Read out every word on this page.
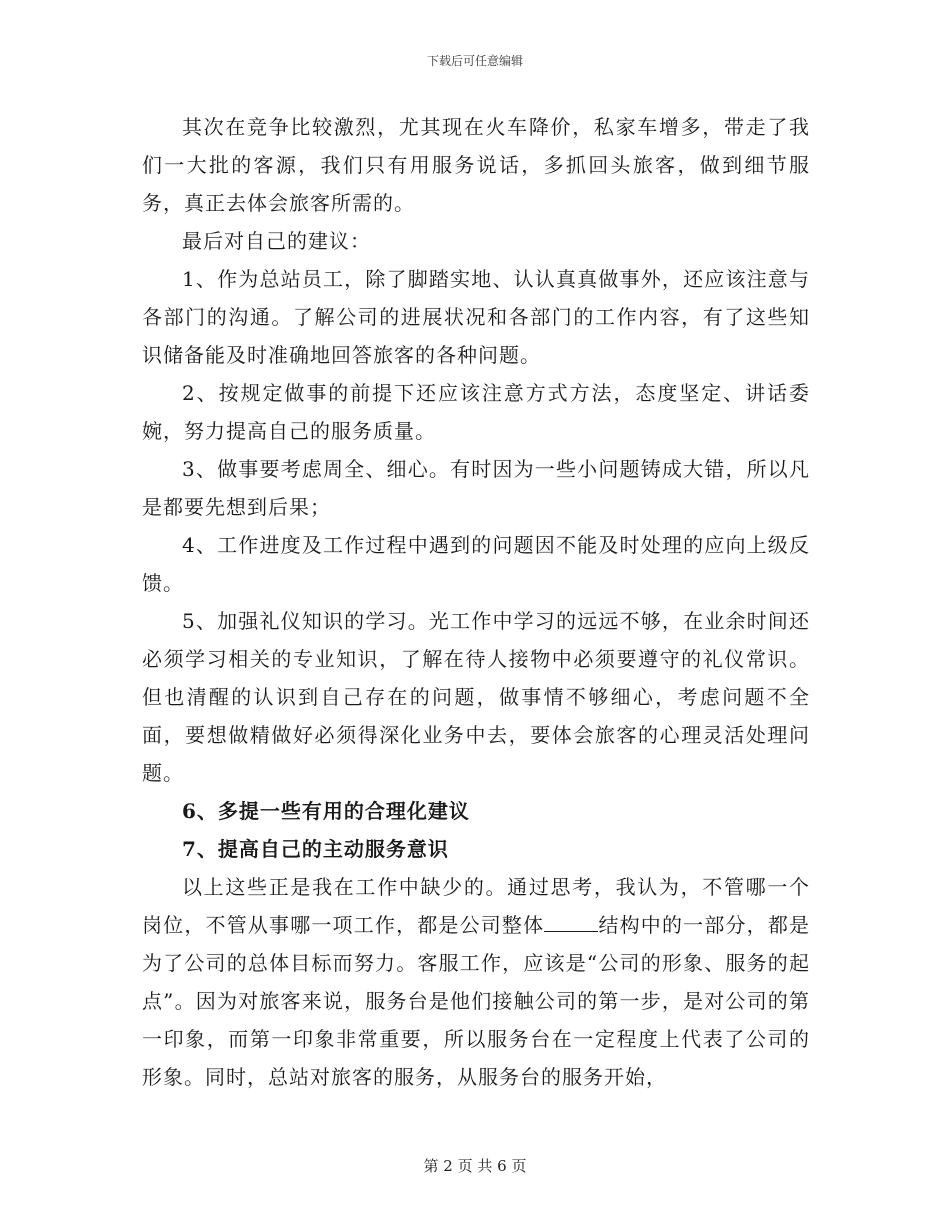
下载后可任意编辑

其次在竞争比较激烈，尤其现在火车降价，私家车增多，带走了我们一大批的客源，我们只有用服务说话，多抓回头旅客，做到细节服务，真正去体会旅客所需的。

最后对自己的建议：

1、作为总站员工，除了脚踏实地、认认真真做事外，还应该注意与各部门的沟通。了解公司的进展状况和各部门的工作内容，有了这些知识储备能及时准确地回答旅客的各种问题。

2、按规定做事的前提下还应该注意方式方法，态度坚定、讲话委婉，努力提高自己的服务质量。

3、做事要考虑周全、细心。有时因为一些小问题铸成大错，所以凡是都要先想到后果；

4、工作进度及工作过程中遇到的问题因不能及时处理的应向上级反馈。

5、加强礼仪知识的学习。光工作中学习的远远不够，在业余时间还必须学习相关的专业知识，了解在待人接物中必须要遵守的礼仪常识。但也清醒的认识到自己存在的问题，做事情不够细心，考虑问题不全面，要想做精做好必须得深化业务中去，要体会旅客的心理灵活处理问题。

6、多提一些有用的合理化建议

7、提高自己的主动服务意识

以上这些正是我在工作中缺少的。通过思考，我认为，不管哪一个岗位，不管从事哪一项工作，都是公司整体	结构中的一部分，都是为了公司的总体目标而努力。客服工作，应该是“公司的形象、服务的起点”。因为对旅客来说，服务台是他们接触公司的第一步，是对公司的第一印象，而第一印象非常重要，所以服务台在一定程度上代表了公司的形象。同时，总站对旅客的服务，从服务台的服务开始，

第 2 页 共 6 页
